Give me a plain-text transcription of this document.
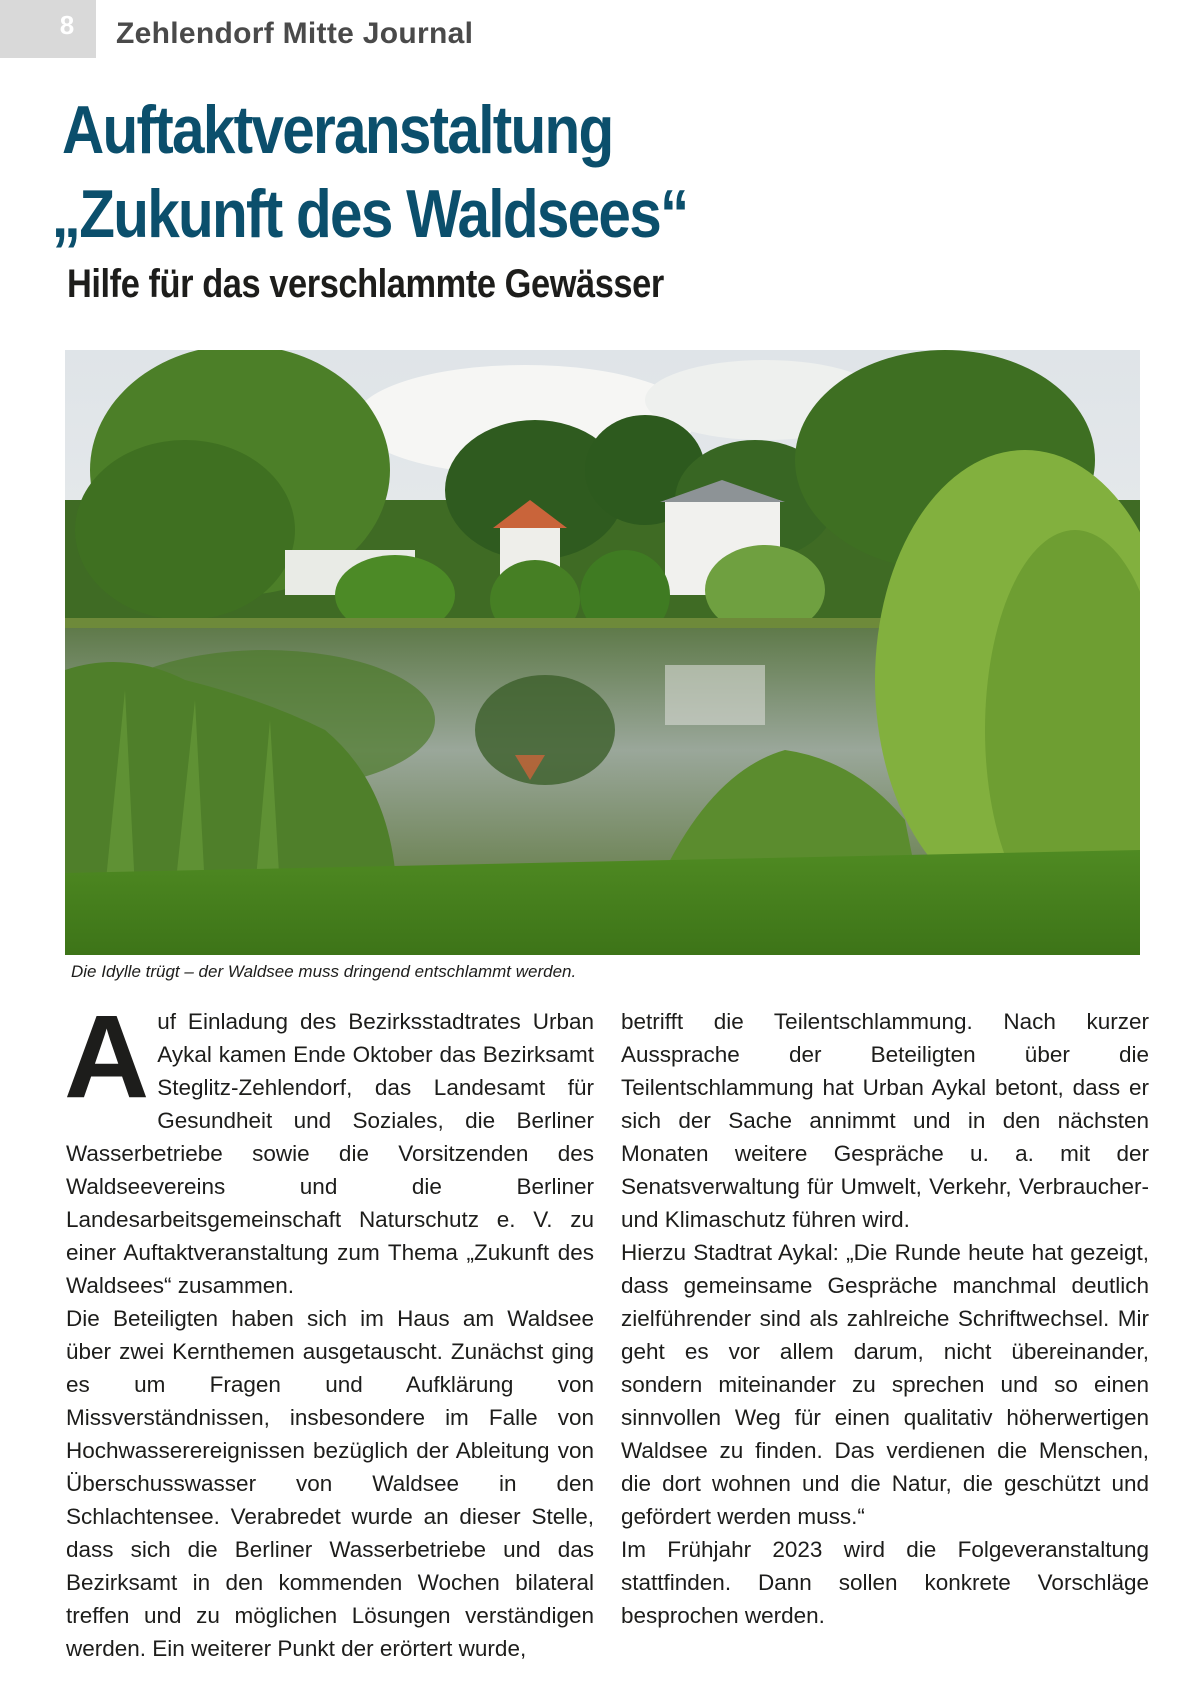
8	Zehlendorf Mitte Journal
Auftaktveranstaltung
„Zukunft des Waldsees“
Hilfe für das verschlammte Gewässer
Die Idylle trügt – der Waldsee muss dringend entschlammt werden.

Auf Einladung des Bezirksstadtrates Urban Aykal kamen Ende Oktober das Bezirksamt Steglitz-Zehlendorf, das Landesamt für Gesundheit und Soziales, die Berliner Wasserbetriebe sowie die Vorsitzenden des Waldseevereins und die Berliner Landesarbeitsgemeinschaft Naturschutz e. V. zu einer Auftaktveranstaltung zum Thema „Zukunft des Waldsees“ zusammen.

Die Beteiligten haben sich im Haus am Waldsee über zwei Kernthemen ausgetauscht. Zunächst ging es um Fragen und Aufklärung von Missverständnissen, insbesondere im Falle von Hochwasserereignissen bezüglich der Ableitung von Überschusswasser von Waldsee in den Schlachtensee. Verabredet wurde an dieser Stelle, dass sich die Berliner Wasserbetriebe und das Bezirksamt in den kommenden Wochen bilateral treffen und zu möglichen Lösungen verständigen werden. Ein weiterer Punkt der erörtert wurde,

betrifft die Teilentschlammung. Nach kurzer Aussprache der Beteiligten über die Teilentschlammung hat Urban Aykal betont, dass er sich der Sache annimmt und in den nächsten Monaten weitere Gespräche u. a. mit der Senatsverwaltung für Umwelt, Verkehr, Verbraucher- und Klimaschutz führen wird.

Hierzu Stadtrat Aykal: „Die Runde heute hat gezeigt, dass gemeinsame Gespräche manchmal deutlich zielführender sind als zahlreiche Schriftwechsel. Mir geht es vor allem darum, nicht übereinander, sondern miteinander zu sprechen und so einen sinnvollen Weg für einen qualitativ höherwertigen Waldsee zu finden. Das verdienen die Menschen, die dort wohnen und die Natur, die geschützt und gefördert werden muss.“

Im Frühjahr 2023 wird die Folgeveranstaltung stattfinden. Dann sollen konkrete Vorschläge besprochen werden.
